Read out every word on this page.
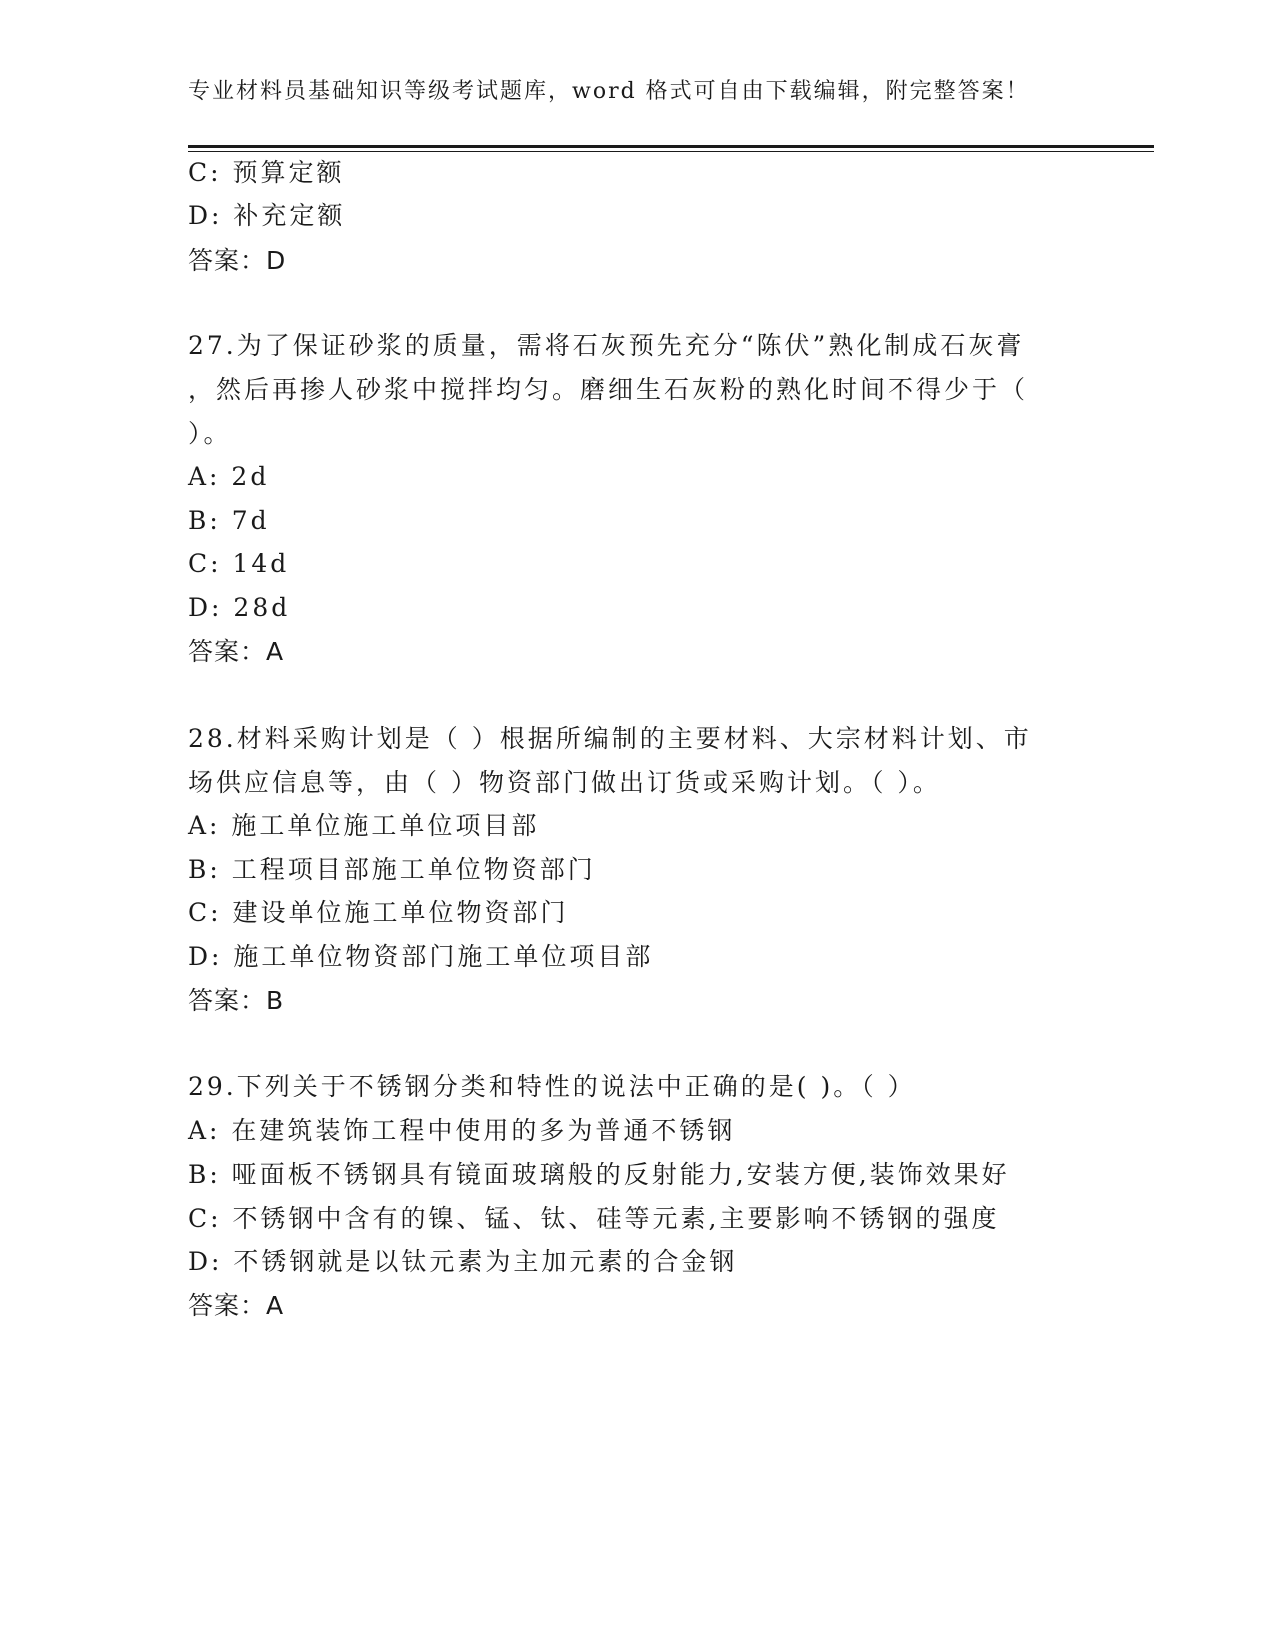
专业材料员基础知识等级考试题库，word 格式可自由下载编辑，附完整答案！
C: 预算定额
D: 补充定额
答案：D
27.为了保证砂浆的质量，需将石灰预先充分“陈伏”熟化制成石灰膏
，然后再掺人砂浆中搅拌均匀。磨细生石灰粉的熟化时间不得少于（
）。
A: 2d
B: 7d
C: 14d
D: 28d
答案：A
28.材料采购计划是（ ）根据所编制的主要材料、大宗材料计划、市
场供应信息等，由（ ）物资部门做出订货或采购计划。（ ）。
A: 施工单位施工单位项目部
B: 工程项目部施工单位物资部门
C: 建设单位施工单位物资部门
D: 施工单位物资部门施工单位项目部
答案：B
29.下列关于不锈钢分类和特性的说法中正确的是( )。（ ）
A: 在建筑装饰工程中使用的多为普通不锈钢
B: 哑面板不锈钢具有镜面玻璃般的反射能力,安装方便,装饰效果好
C: 不锈钢中含有的镍、锰、钛、硅等元素,主要影响不锈钢的强度
D: 不锈钢就是以钛元素为主加元素的合金钢
答案：A
